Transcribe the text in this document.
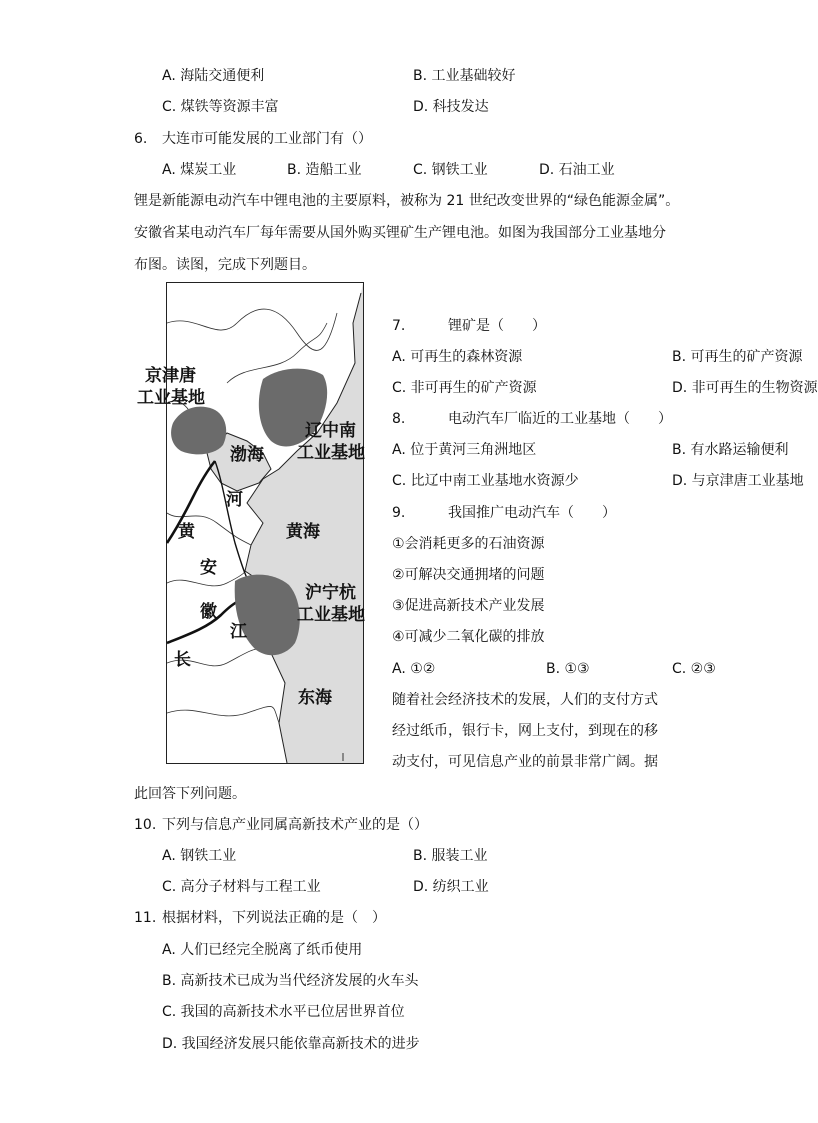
A. 海陆交通便利	B. 工业基础较好
C. 煤铁等资源丰富	D. 科技发达
6. 大连市可能发展的工业部门有（）
A. 煤炭工业	B. 造船工业	C. 钢铁工业	D. 石油工业
锂是新能源电动汽车中锂电池的主要原料，被称为 21 世纪改变世界的“绿色能源金属”。
安徽省某电动汽车厂每年需要从国外购买锂矿生产锂电池。如图为我国部分工业基地分
布图。读图，完成下列题目。
京津唐
工业基地
辽中南
工业基地
渤海
黄海
河
黄
安
徽
江
长
沪宁杭
工业基地
东海
7.	锂矿是（　　）
A. 可再生的森林资源	B. 可再生的矿产资源
C. 非可再生的矿产资源	D. 非可再生的生物资源
8.	电动汽车厂临近的工业基地（　　）
A. 位于黄河三角洲地区	B. 有水路运输便利
C. 比辽中南工业基地水资源少	D. 与京津唐工业基地
9.	我国推广电动汽车（　　）
①会消耗更多的石油资源
②可解决交通拥堵的问题
③促进高新技术产业发展
④可减少二氧化碳的排放
A. ①②	B. ①③	C. ②③
随着社会经济技术的发展，人们的支付方式
经过纸币，银行卡，网上支付，到现在的移
动支付，可见信息产业的前景非常广阔。据
此回答下列问题。
10. 下列与信息产业同属高新技术产业的是（）
A. 钢铁工业	B. 服装工业
C. 高分子材料与工程工业	D. 纺织工业
11. 根据材料，下列说法正确的是（　）
A. 人们已经完全脱离了纸币使用
B. 高新技术已成为当代经济发展的火车头
C. 我国的高新技术水平已位居世界首位
D. 我国经济发展只能依靠高新技术的进步
